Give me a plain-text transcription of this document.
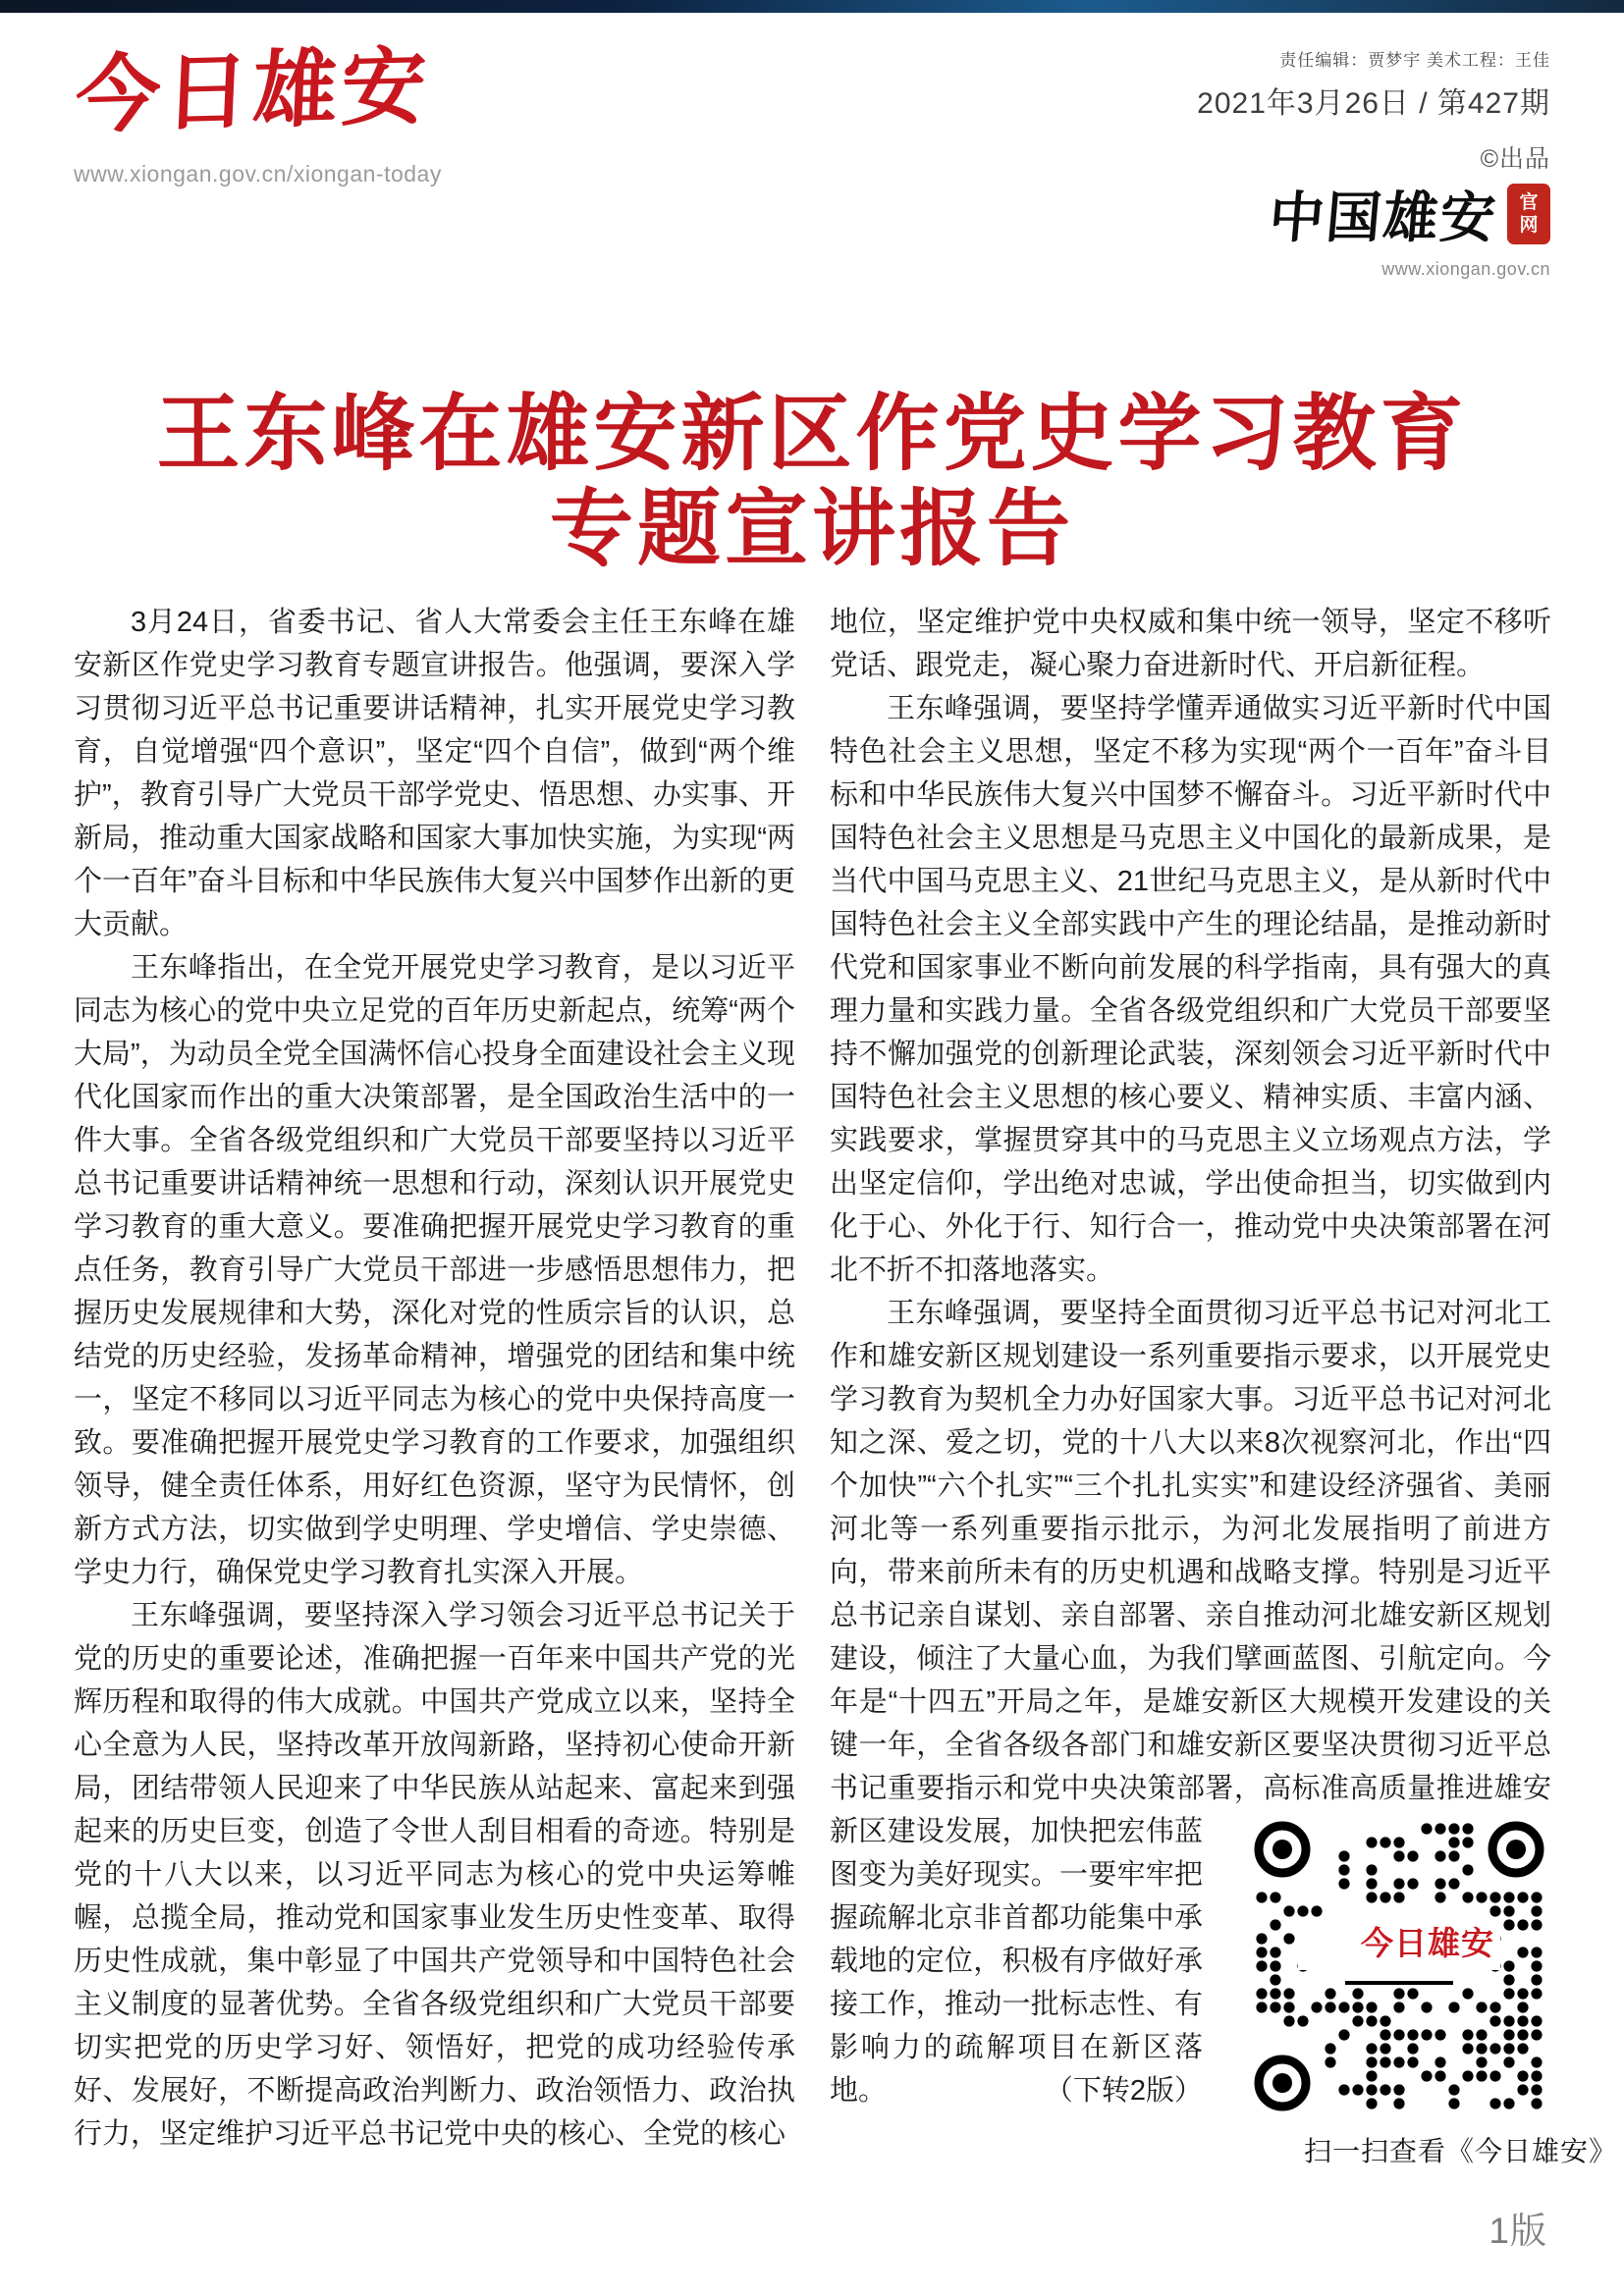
今日雄安
www.xiongan.gov.cn/xiongan-today
责任编辑：贾梦宇 美术工程：王佳
2021年3月26日 / 第427期
©出品
中国雄安 官
网
www.xiongan.gov.cn
王东峰在雄安新区作党史学习教育
专题宣讲报告

3月24日，省委书记、省人大常委会主任王东峰在雄安新区作党史学习教育专题宣讲报告。他强调，要深入学习贯彻习近平总书记重要讲话精神，扎实开展党史学习教育，自觉增强“四个意识”，坚定“四个自信”，做到“两个维护”，教育引导广大党员干部学党史、悟思想、办实事、开新局，推动重大国家战略和国家大事加快实施，为实现“两个一百年”奋斗目标和中华民族伟大复兴中国梦作出新的更大贡献。

王东峰指出，在全党开展党史学习教育，是以习近平同志为核心的党中央立足党的百年历史新起点，统筹“两个大局”，为动员全党全国满怀信心投身全面建设社会主义现代化国家而作出的重大决策部署，是全国政治生活中的一件大事。全省各级党组织和广大党员干部要坚持以习近平总书记重要讲话精神统一思想和行动，深刻认识开展党史学习教育的重大意义。要准确把握开展党史学习教育的重点任务，教育引导广大党员干部进一步感悟思想伟力，把握历史发展规律和大势，深化对党的性质宗旨的认识，总结党的历史经验，发扬革命精神，增强党的团结和集中统一，坚定不移同以习近平同志为核心的党中央保持高度一致。要准确把握开展党史学习教育的工作要求，加强组织领导，健全责任体系，用好红色资源，坚守为民情怀，创新方式方法，切实做到学史明理、学史增信、学史崇德、学史力行，确保党史学习教育扎实深入开展。

王东峰强调，要坚持深入学习领会习近平总书记关于党的历史的重要论述，准确把握一百年来中国共产党的光辉历程和取得的伟大成就。中国共产党成立以来，坚持全心全意为人民，坚持改革开放闯新路，坚持初心使命开新局，团结带领人民迎来了中华民族从站起来、富起来到强起来的历史巨变，创造了令世人刮目相看的奇迹。特别是党的十八大以来，以习近平同志为核心的党中央运筹帷幄，总揽全局，推动党和国家事业发生历史性变革、取得历史性成就，集中彰显了中国共产党领导和中国特色社会主义制度的显著优势。全省各级党组织和广大党员干部要切实把党的历史学习好、领悟好，把党的成功经验传承好、发展好，不断提高政治判断力、政治领悟力、政治执行力，坚定维护习近平总书记党中央的核心、全党的核心

地位，坚定维护党中央权威和集中统一领导，坚定不移听党话、跟党走，凝心聚力奋进新时代、开启新征程。

王东峰强调，要坚持学懂弄通做实习近平新时代中国特色社会主义思想，坚定不移为实现“两个一百年”奋斗目标和中华民族伟大复兴中国梦不懈奋斗。习近平新时代中国特色社会主义思想是马克思主义中国化的最新成果，是当代中国马克思主义、21世纪马克思主义，是从新时代中国特色社会主义全部实践中产生的理论结晶，是推动新时代党和国家事业不断向前发展的科学指南，具有强大的真理力量和实践力量。全省各级党组织和广大党员干部要坚持不懈加强党的创新理论武装，深刻领会习近平新时代中国特色社会主义思想的核心要义、精神实质、丰富内涵、实践要求，掌握贯穿其中的马克思主义立场观点方法，学出坚定信仰，学出绝对忠诚，学出使命担当，切实做到内化于心、外化于行、知行合一，推动党中央决策部署在河北不折不扣落地落实。

王东峰强调，要坚持全面贯彻习近平总书记对河北工作和雄安新区规划建设一系列重要指示要求，以开展党史学习教育为契机全力办好国家大事。习近平总书记对河北知之深、爱之切，党的十八大以来8次视察河北，作出“四个加快”“六个扎实”“三个扎扎实实”和建设经济强省、美丽河北等一系列重要指示批示，为河北发展指明了前进方向，带来前所未有的历史机遇和战略支撑。特别是习近平总书记亲自谋划、亲自部署、亲自推动河北雄安新区规划建设，倾注了大量心血，为我们擘画蓝图、引航定向。今年是“十四五”开局之年，是雄安新区大规模开发建设的关键一年，全省各级各部门和雄安新区要坚决贯彻习近平总书记重要指示和党中央决策部署，高标准高质量推进雄
今日雄安
扫一扫查看《今日雄安》
安新区建设发展，加快把宏伟蓝图变为美好现实。一要牢牢把握疏解北京非首都功能集中承载地的定位，积极有序做好承接工作，推动一批标志性、有影响力的疏解项目在新区落地。	（下转2版）

1版
